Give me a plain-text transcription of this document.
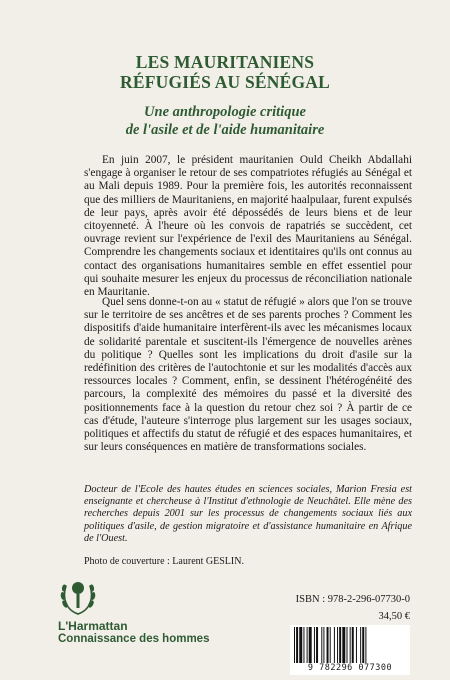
LES MAURITANIENS
RÉFUGIÉS AU SÉNÉGAL
Une anthropologie critique
de l'asile et de l'aide humanitaire

En juin 2007, le président mauritanien Ould Cheikh Abdallahi s'engage à organiser le retour de ses compatriotes réfugiés au Sénégal et au Mali depuis 1989. Pour la première fois, les autorités reconnaissent que des milliers de Mauritaniens, en majorité haalpulaar, furent expulsés de leur pays, après avoir été dépossédés de leurs biens et de leur citoyenneté. À l'heure où les convois de rapatriés se succèdent, cet ouvrage revient sur l'expérience de l'exil des Mauritaniens au Sénégal. Comprendre les changements sociaux et identitaires qu'ils ont connus au contact des organisations humanitaires semble en effet essentiel pour qui souhaite mesurer les enjeux du processus de réconciliation nationale en Mauritanie.

Quel sens donne-t-on au « statut de réfugié » alors que l'on se trouve sur le territoire de ses ancêtres et de ses parents proches ? Comment les dispositifs d'aide humanitaire interfèrent-ils avec les mécanismes locaux de solidarité parentale et suscitent-ils l'émergence de nouvelles arènes du politique ? Quelles sont les implications du droit d'asile sur la redéfinition des critères de l'autochtonie et sur les modalités d'accès aux ressources locales ? Comment, enfin, se dessinent l'hétérogénéité des parcours, la complexité des mémoires du passé et la diversité des positionnements face à la question du retour chez soi ? À partir de ce cas d'étude, l'auteure s'interroge plus largement sur les usages sociaux, politiques et affectifs du statut de réfugié et des espaces humanitaires, et sur leurs conséquences en matière de transformations sociales.

Docteur de l'Ecole des hautes études en sciences sociales, Marion Fresia est enseignante et chercheuse à l'Institut d'ethnologie de Neuchâtel. Elle mène des recherches depuis 2001 sur les processus de changements sociaux liés aux politiques d'asile, de gestion migratoire et d'assistance humanitaire en Afrique de l'Ouest.
Photo de couverture : Laurent GESLIN.
L'Harmattan
Connaissance des hommes
ISBN : 978-2-296-07730-0
34,50 €
9 782296 077300
